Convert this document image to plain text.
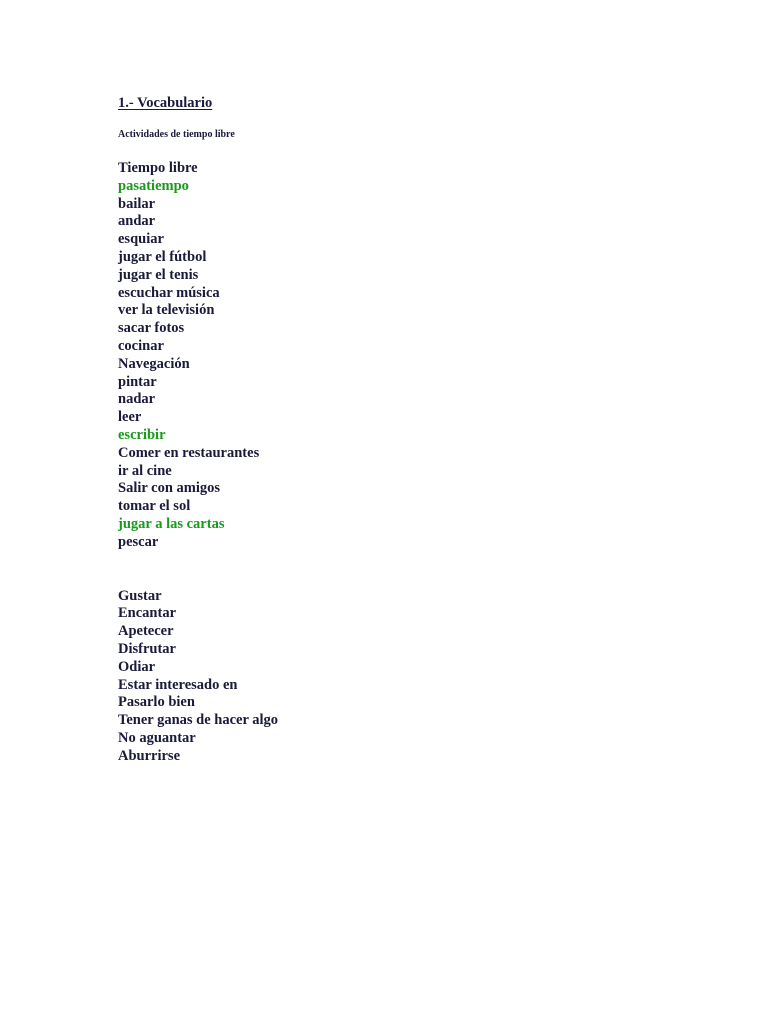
1.- Vocabulario

Actividades de tiempo libre

Tiempo libre
pasatiempo
bailar
andar
esquiar
jugar el fútbol
jugar el tenis
escuchar música
ver la televisión
sacar fotos
cocinar
Navegación
pintar
nadar
leer
escribir
Comer en restaurantes
ir al cine
Salir con amigos
tomar el sol
jugar a las cartas
pescar
Gustar
Encantar
Apetecer
Disfrutar
Odiar
Estar interesado en
Pasarlo bien
Tener ganas de hacer algo
No aguantar
Aburrirse
